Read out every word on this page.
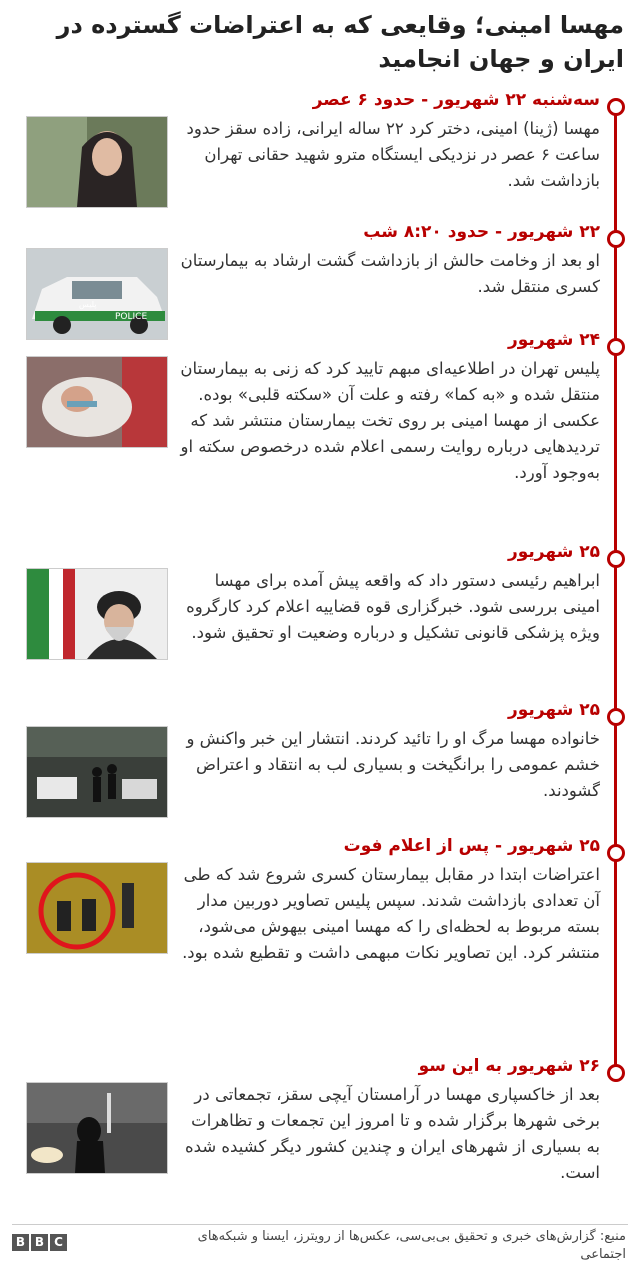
مهسا امینی؛ وقایعی که به اعتراضات گسترده در ایران و جهان انجامید
سه‌شنبه ۲۲ شهریور - حدود ۶ عصر

مهسا (ژینا) امینی، دختر کرد ۲۲ ساله ایرانی، زاده سقز حدود ساعت ۶ عصر در نزدیکی ایستگاه مترو شهید حقانی تهران بازداشت شد.

۲۲ شهریور - حدود ۸:۲۰ شب
POLICE
پلیس

او بعد از وخامت حالش از بازداشت گشت ارشاد به بیمارستان کسری منتقل شد.

۲۴ شهریور

پلیس تهران در اطلاعیه‌ای مبهم تایید کرد که زنی به بیمارستان منتقل شده و «به کما» رفته و علت آن «سکته قلبی» بوده. عکسی از مهسا امینی بر روی تخت بیمارستان منتشر شد که تردیدهایی درباره روایت رسمی اعلام شده درخصوص سکته او به‌وجود آورد.

۲۵ شهریور

ابراهیم رئیسی دستور داد که واقعه پیش آمده برای مهسا امینی بررسی شود. خبرگزاری قوه قضاییه اعلام کرد کارگروه ویژه پزشکی قانونی تشکیل و درباره وضعیت او تحقیق شود.

۲۵ شهریور

خانواده مهسا مرگ او را تائید کردند. انتشار این خبر واکنش و خشم عمومی را برانگیخت و بسیاری لب به انتقاد و اعتراض گشودند.

۲۵ شهریور - پس از اعلام فوت

اعتراضات ابتدا در مقابل بیمارستان کسری شروع شد که طی آن تعدادی بازداشت شدند. سپس پلیس تصاویر دوربین مدار بسته مربوط به لحظه‌ای را که مهسا امینی بیهوش می‌شود، منتشر کرد. این تصاویر نکات مبهمی داشت و تقطیع شده بود.

۲۶ شهریور به این سو

بعد از خاکسپاری مهسا در آرامستان آیچی سقز، تجمعاتی در برخی شهرها برگزار شده و تا امروز این تجمعات و تظاهرات به بسیاری از شهرهای ایران و چندین کشور دیگر کشیده شده است.

B B C	منبع: گزارش‌های خبری و تحقیق بی‌بی‌سی، عکس‌ها از رویترز، ایسنا و شبکه‌های اجتماعی
